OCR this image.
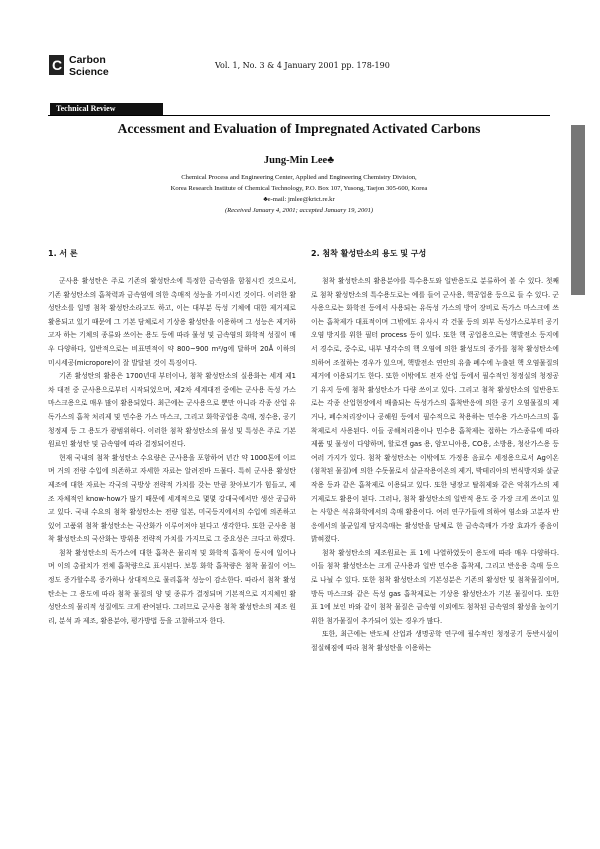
C Carbon
Science
Vol. 1, No. 3 & 4 January 2001 pp. 178-190
Technical Review
Accessment and Evaluation of Impregnated Activated Carbons
Jung-Min Lee♣
Chemical Process and Engineering Center, Applied and Engineering Chemistry Division,
Korea Research Institute of Chemical Technology, P.O. Box 107, Yusong, Taejon 305-600, Korea
♣e-mail: jmlee@krict.re.kr
(Received January 4, 2001; accepted January 19, 2001)
1. 서 론

군사용 활성탄은 주로 기존의 활성탄소에 특정한 금속염을 함침시킨 것으로서, 기존 활성탄소의 흡착력과 금속염에 의한 촉매적 성능을 가미시킨 것이다. 이러한 활성탄소를 일명 첨착 활성탄소라고도 하고, 이는 대부분 독성 기체에 대한 제거제로 활용되고 있기 때문에 그 기본 담체로서 기상용 활성탄을 이용하며 그 성능은 제거하고자 하는 기체의 종류와 쓰이는 용도 등에 따라 물성 및 금속염의 화학적 성질이 매우 다양하다, 일반적으로는 비표면적이 약 800~900 m²/g에 달하며 20Å 이하의 미시세공(micropore)이 잘 발달된 것이 특징이다.

기존 활성탄의 활용은 1700년대 부터이나, 첨착 활성탄소의 실용화는 세계 제1차 대전 중 군사용으로부터 시작되었으며, 제2차 세계대전 중에는 군사용 독성 가스 마스크용으로 매우 많이 활용되었다. 최근에는 군사용으로 뿐만 아니라 각종 산업 유독가스의 흡착 처리제 및 민수용 가스 마스크, 그리고 화학공업용 촉매, 정수용, 공기청정제 등 그 용도가 광범위하다. 이러한 첨착 활성탄소의 물성 및 특성은 주로 기본원료인 활성탄 및 금속염에 따라 결정되어진다.

현재 국내의 첨착 활성탄소 수요량은 군사용을 포함하여 년간 약 1000톤에 이르며 거의 전량 수입에 의존하고 자세한 자료는 알려진바 드물다. 특히 군사용 활성탄 제조에 대한 자료는 각국의 국방상 전략적 가치를 갖는 만큼 찾아보기가 힘들고, 제조 자체적인 know-how가 많기 때문에 세계적으로 몇몇 강대국에서만 생산 공급하고 있다. 국내 수요의 첨착 활성탄소는 전량 일본, 미국등지에서의 수입에 의존하고 있어 고품위 첨착 활성탄소는 국산화가 이루어져야 된다고 생각한다. 또한 군사용 첨착 활성탄소의 국산화는 방위용 전략적 가치를 가지므로 그 중요성은 크다고 하겠다.

첨착 활성탄소의 독가스에 대한 흡착은 물리적 및 화학적 흡착이 동시에 일어나며 이의 총괄치가 전체 흡착량으로 표시된다. 보통 화학 흡착량은 첨착 물질이 어느 정도 증가할수록 증가하나 상대적으로 물리흡착 성능이 감소한다. 따라서 첨착 활성탄소는 그 용도에 따라 첨착 물질의 양 및 종류가 결정되며 기본적으로 지지체인 활성탄소의 물리적 성질에도 크게 관여된다. 그러므로 군사용 첨착 활성탄소의 제조 원리, 분석 과 제조, 활용분야, 평가방법 등을 고찰하고자 한다.

2. 첨착 활성탄소의 용도 및 구성

첨착 활성탄소의 활용분야를 특수용도와 일반용도로 분류하여 볼 수 있다. 첫째로 첨착 활성탄소의 특수용도로는 예를 들어 군사용, 핵공업용 등으로 들 수 있다. 군사용으로는 화학전 등에서 사용되는 유독성 가스의 방어 장비로 독가스 마스크에 쓰이는 흡착제가 대표적이며 그밖에도 유사시 각 건물 등의 외부 독성가스로부터 공기오염 방지를 위한 필터 process 등이 있다. 또한 핵 공업용으로는 핵발전소 등지에서 경수로, 중수로, 내부 냉각수의 핵 오염에 의한 활성도의 증가를 첨착 활성탄소에 의하여 조절하는 경우가 있으며, 핵발전소 연안의 유출 폐수에 누출된 핵 오염물질의 제거에 이용되기도 한다. 또한 이밖에도 전자 산업 등에서 필수적인 청정실의 청정공기 유지 등에 첨착 활성탄소가 다량 쓰이고 있다. 그리고 첨착 활성탄소의 일반용도로는 각종 산업현장에서 배출되는 독성가스의 흡착반응에 의한 공기 오염물질의 제거나, 폐수처리장이나 공해원 등에서 필수적으로 착용하는 민수용 가스마스크의 흡착제로서 사용된다. 이들 공해처리용이나 민수용 흡착제는 접하는 가스종류에 따라 제품 및 물성이 다양하며, 할로겐 gas 용, 암모니아용, CO용, 소방용, 청산가스용 등 여러 가지가 있다. 첨착 활성탄소는 이밖에도 가정용 음료수 세정용으로서 Ag이온(첨착된 물질)에 의한 수돗물로서 살균작용이온의 제거, 박테리아의 번식방지와 살균작용 등과 같은 흡착제로 이용되고 있다. 또한 냉장고 탈취제와 같은 악취가스의 제거제로도 활용이 된다. 그러나, 첨착 활성탄소의 일반적 용도 중 가장 크게 쓰이고 있는 사항은 석유화학에서의 촉매 활용이다. 여러 연구가들에 의하여 염소와 고분자 반응에서의 불균일계 담지촉매는 활성탄을 담체로 한 금속촉매가 가장 효과가 좋음이 밝혀졌다.

첨착 활성탄소의 제조원료는 표 1에 나열하였듯이 용도에 따라 매우 다양하다. 이들 첨착 활성탄소는 크게 군사용과 일반 민수용 흡착제, 그리고 반응용 촉매 등으로 나뉠 수 있다. 또한 첨착 활성탄소의 기본성분은 기존의 활성탄 및 첨착물질이며, 방독 마스크와 같은 독성 gas 흡착제로는 기상용 활성탄소가 기본 물질이다. 또한 표 1에 보인 바와 같이 첨착 물질은 금속염 이외에도 첨착된 금속염의 활성을 높이기 위한 첨가물질이 추가되어 있는 경우가 많다.

또한, 최근에는 반도체 산업과 생명공학 연구에 필수적인 청정공기 동반시설이 절실해짐에 따라 첨착 활성탄을 이용하는
